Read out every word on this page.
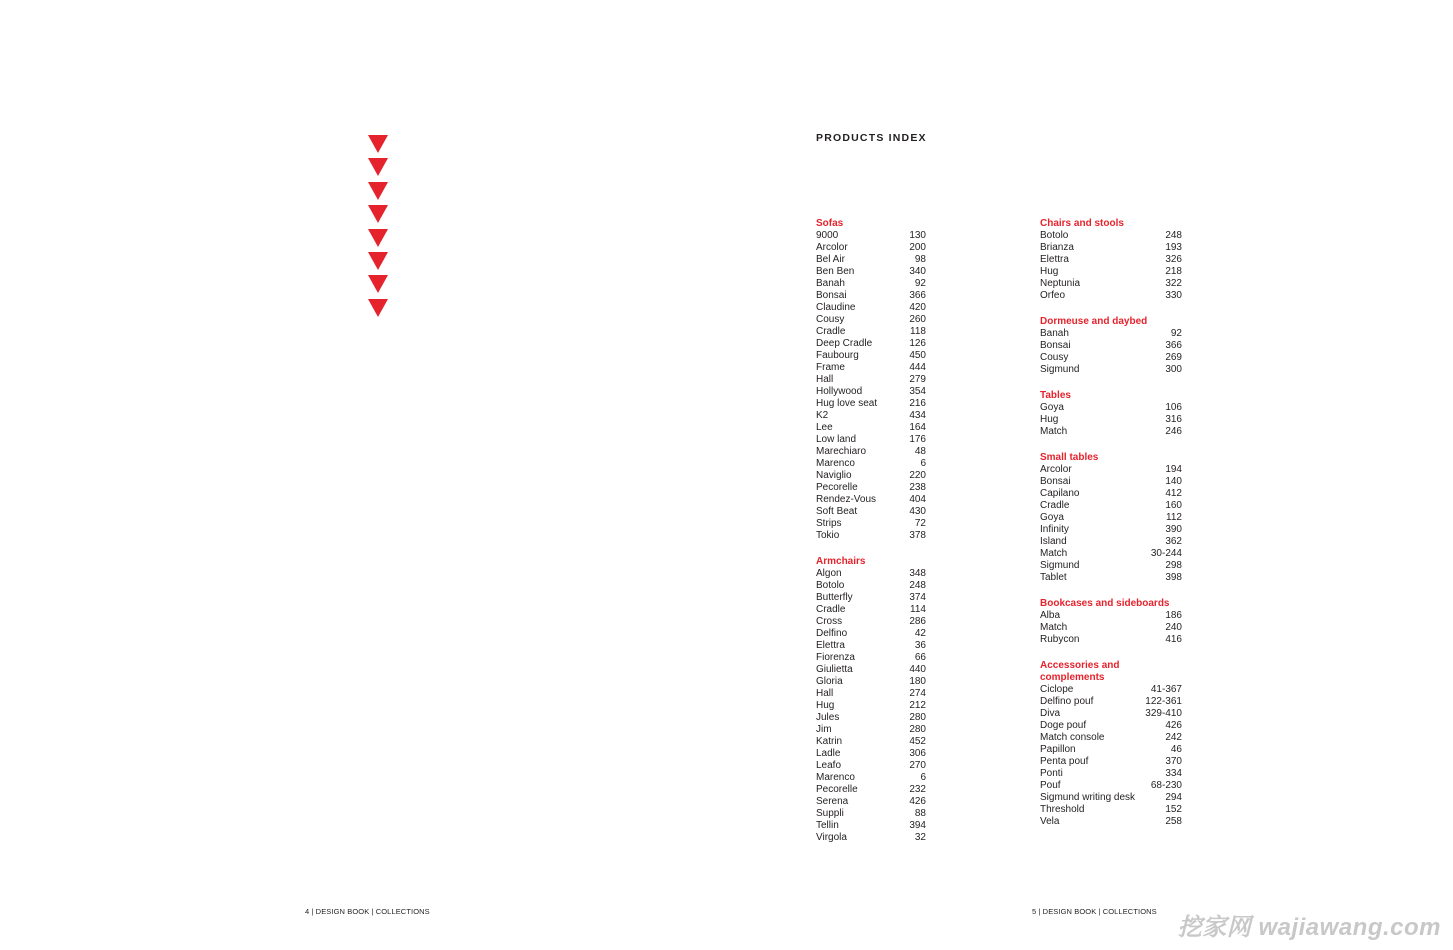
PRODUCTS INDEX
Sofas
9000	130
Arcolor	200
Bel Air	98
Ben Ben	340
Banah	92
Bonsai	366
Claudine	420
Cousy	260
Cradle	118
Deep Cradle	126
Faubourg	450
Frame	444
Hall	279
Hollywood	354
Hug love seat	216
K2	434
Lee	164
Low land	176
Marechiaro	48
Marenco	6
Naviglio	220
Pecorelle	238
Rendez-Vous	404
Soft Beat	430
Strips	72
Tokio	378
Armchairs
Algon	348
Botolo	248
Butterfly	374
Cradle	114
Cross	286
Delfino	42
Elettra	36
Fiorenza	66
Giulietta	440
Gloria	180
Hall	274
Hug	212
Jules	280
Jim	280
Katrin	452
Ladle	306
Leafo	270
Marenco	6
Pecorelle	232
Serena	426
Suppli	88
Tellin	394
Virgola	32
Chairs and stools
Botolo	248
Brianza	193
Elettra	326
Hug	218
Neptunia	322
Orfeo	330
Dormeuse and daybed
Banah	92
Bonsai	366
Cousy	269
Sigmund	300
Tables
Goya	106
Hug	316
Match	246
Small tables
Arcolor	194
Bonsai	140
Capilano	412
Cradle	160
Goya	112
Infinity	390
Island	362
Match	30-244
Sigmund	298
Tablet	398
Bookcases and sideboards
Alba	186
Match	240
Rubycon	416
Accessories and complements
Ciclope	41-367
Delfino pouf	122-361
Diva	329-410
Doge pouf	426
Match console	242
Papillon	46
Penta pouf	370
Ponti	334
Pouf	68-230
Sigmund writing desk	294
Threshold	152
Vela	258
4 | DESIGN BOOK | COLLECTIONS	5 | DESIGN BOOK | COLLECTIONS
挖家网 wajiawang.com
